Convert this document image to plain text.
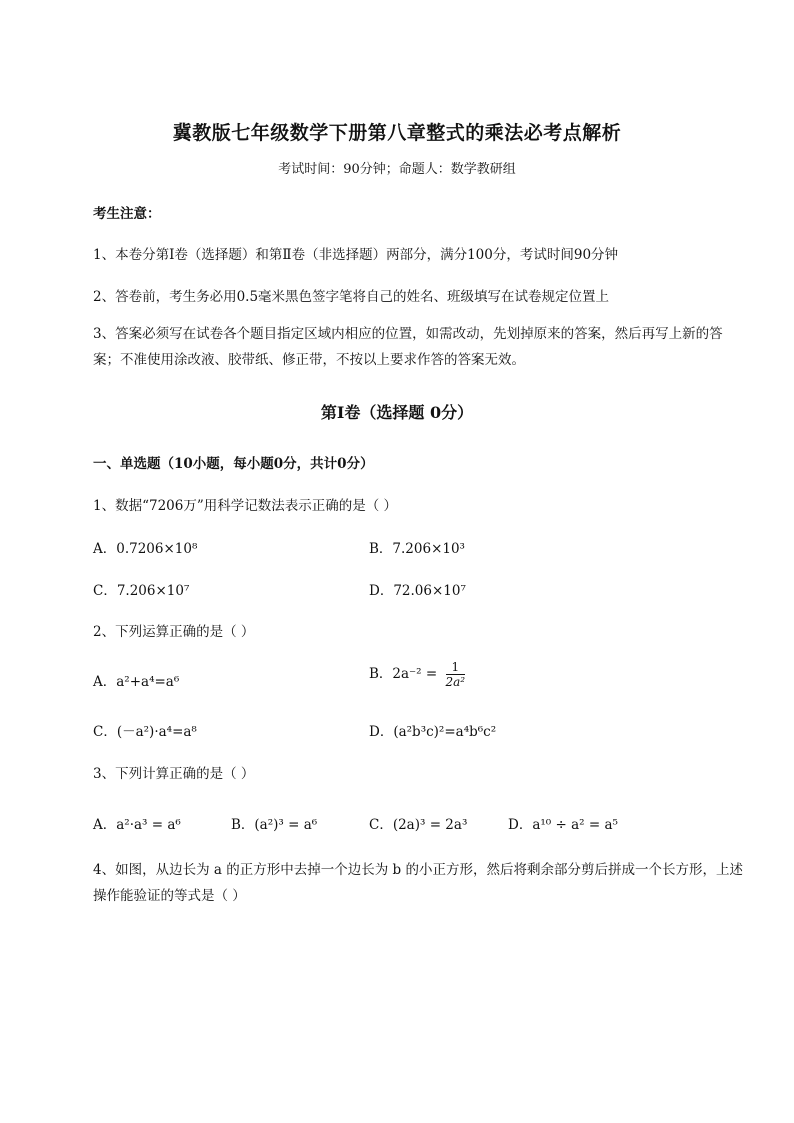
冀教版七年级数学下册第八章整式的乘法必考点解析
考试时间：90分钟；命题人：数学教研组
考生注意：
1、本卷分第I卷（选择题）和第Ⅱ卷（非选择题）两部分，满分100分，考试时间90分钟
2、答卷前，考生务必用0.5毫米黑色签字笔将自己的姓名、班级填写在试卷规定位置上
3、答案必须写在试卷各个题目指定区域内相应的位置，如需改动，先划掉原来的答案，然后再写上新的答案；不准使用涂改液、胶带纸、修正带，不按以上要求作答的答案无效。
第I卷（选择题 0分）
一、单选题（10小题，每小题0分，共计0分）
1、数据“7206万”用科学记数法表示正确的是（ ）
A．0.7206×10⁸	B．7.206×10³
C．7.206×10⁷	D．72.06×10⁷
2、下列运算正确的是（ ）
A．a²+a⁴=a⁶	B．$2a^{-2} = \frac{1}{\text{2a²}}$
C．(－a²)·a⁴=a⁸	D．(a²b³c)²=a⁴b⁶c²
3、下列计算正确的是（ ）
A．a²·a³ = a⁶	B．(a²)³ = a⁶	C．(2a)³ = 2a³	D．a¹⁰ ÷ a² = a⁵
4、如图，从边长为 a 的正方形中去掉一个边长为 b 的小正方形，然后将剩余部分剪后拼成一个长方形，上述操作能验证的等式是（ ）
